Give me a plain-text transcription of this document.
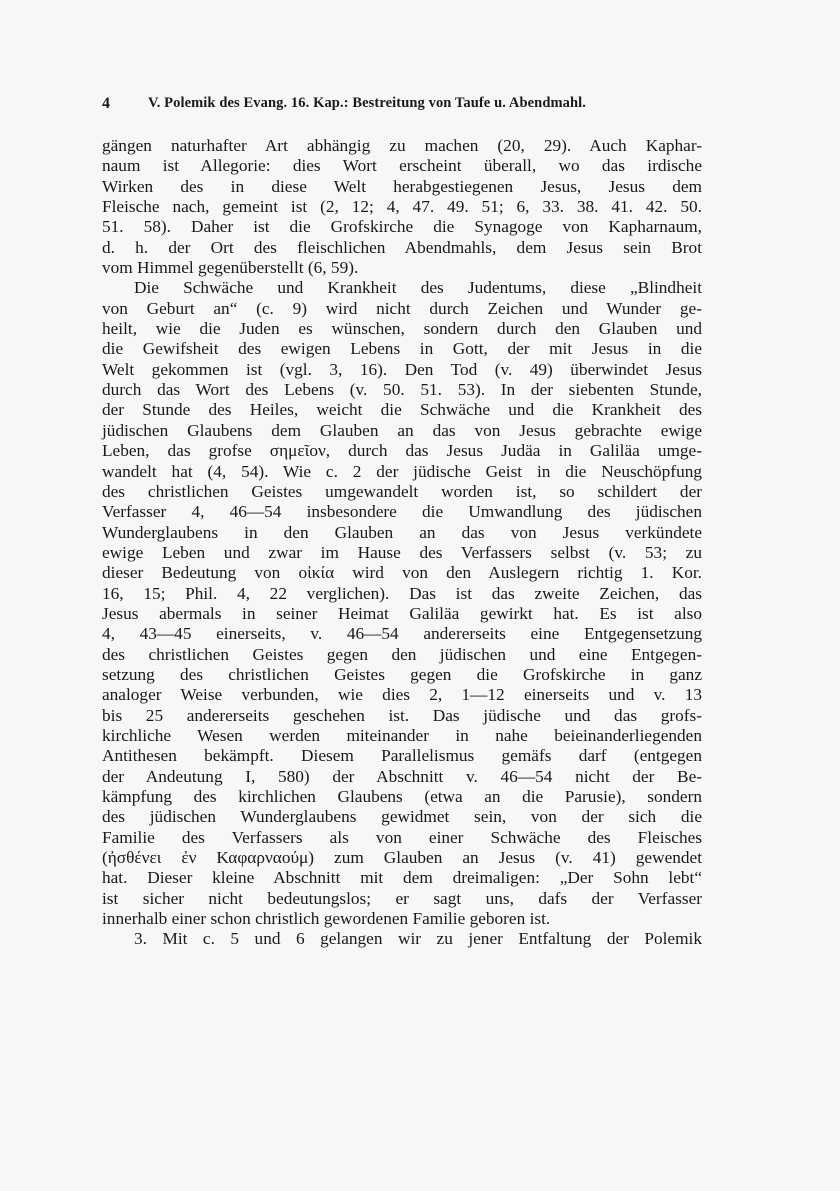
4	V. Polemik des Evang. 16. Kap.: Bestreitung von Taufe u. Abendmahl.
gängen naturhafter Art abhängig zu machen (20, 29). Auch Kaphar-
naum ist Allegorie: dies Wort erscheint überall, wo das irdische
Wirken des in diese Welt herabgestiegenen Jesus, Jesus dem
Fleische nach, gemeint ist (2, 12; 4, 47. 49. 51; 6, 33. 38. 41. 42. 50.
51. 58). Daher ist die Grofskirche die Synagoge von Kapharnaum,
d. h. der Ort des fleischlichen Abendmahls, dem Jesus sein Brot
vom Himmel gegenüberstellt (6, 59).
Die Schwäche und Krankheit des Judentums, diese „Blindheit
von Geburt an“ (c. 9) wird nicht durch Zeichen und Wunder ge-
heilt, wie die Juden es wünschen, sondern durch den Glauben und
die Gewifsheit des ewigen Lebens in Gott, der mit Jesus in die
Welt gekommen ist (vgl. 3, 16). Den Tod (v. 49) überwindet Jesus
durch das Wort des Lebens (v. 50. 51. 53). In der siebenten Stunde,
der Stunde des Heiles, weicht die Schwäche und die Krankheit des
jüdischen Glaubens dem Glauben an das von Jesus gebrachte ewige
Leben, das grofse σημεῖον, durch das Jesus Judäa in Galiläa umge-
wandelt hat (4, 54). Wie c. 2 der jüdische Geist in die Neuschöpfung
des christlichen Geistes umgewandelt worden ist, so schildert der
Verfasser 4, 46—54 insbesondere die Umwandlung des jüdischen
Wunderglaubens in den Glauben an das von Jesus verkündete
ewige Leben und zwar im Hause des Verfassers selbst (v. 53; zu
dieser Bedeutung von οἰκία wird von den Auslegern richtig 1. Kor.
16, 15; Phil. 4, 22 verglichen). Das ist das zweite Zeichen, das
Jesus abermals in seiner Heimat Galiläa gewirkt hat. Es ist also
4, 43—45 einerseits, v. 46—54 andererseits eine Entgegensetzung
des christlichen Geistes gegen den jüdischen und eine Entgegen-
setzung des christlichen Geistes gegen die Grofskirche in ganz
analoger Weise verbunden, wie dies 2, 1—12 einerseits und v. 13
bis 25 andererseits geschehen ist. Das jüdische und das grofs-
kirchliche Wesen werden miteinander in nahe beieinanderliegenden
Antithesen bekämpft. Diesem Parallelismus gemäfs darf (entgegen
der Andeutung I, 580) der Abschnitt v. 46—54 nicht der Be-
kämpfung des kirchlichen Glaubens (etwa an die Parusie), sondern
des jüdischen Wunderglaubens gewidmet sein, von der sich die
Familie des Verfassers als von einer Schwäche des Fleisches
(ἠσθένει ἐν Καφαρναούμ) zum Glauben an Jesus (v. 41) gewendet
hat. Dieser kleine Abschnitt mit dem dreimaligen: „Der Sohn lebt“
ist sicher nicht bedeutungslos; er sagt uns, dafs der Verfasser
innerhalb einer schon christlich gewordenen Familie geboren ist.
3. Mit c. 5 und 6 gelangen wir zu jener Entfaltung der Polemik
